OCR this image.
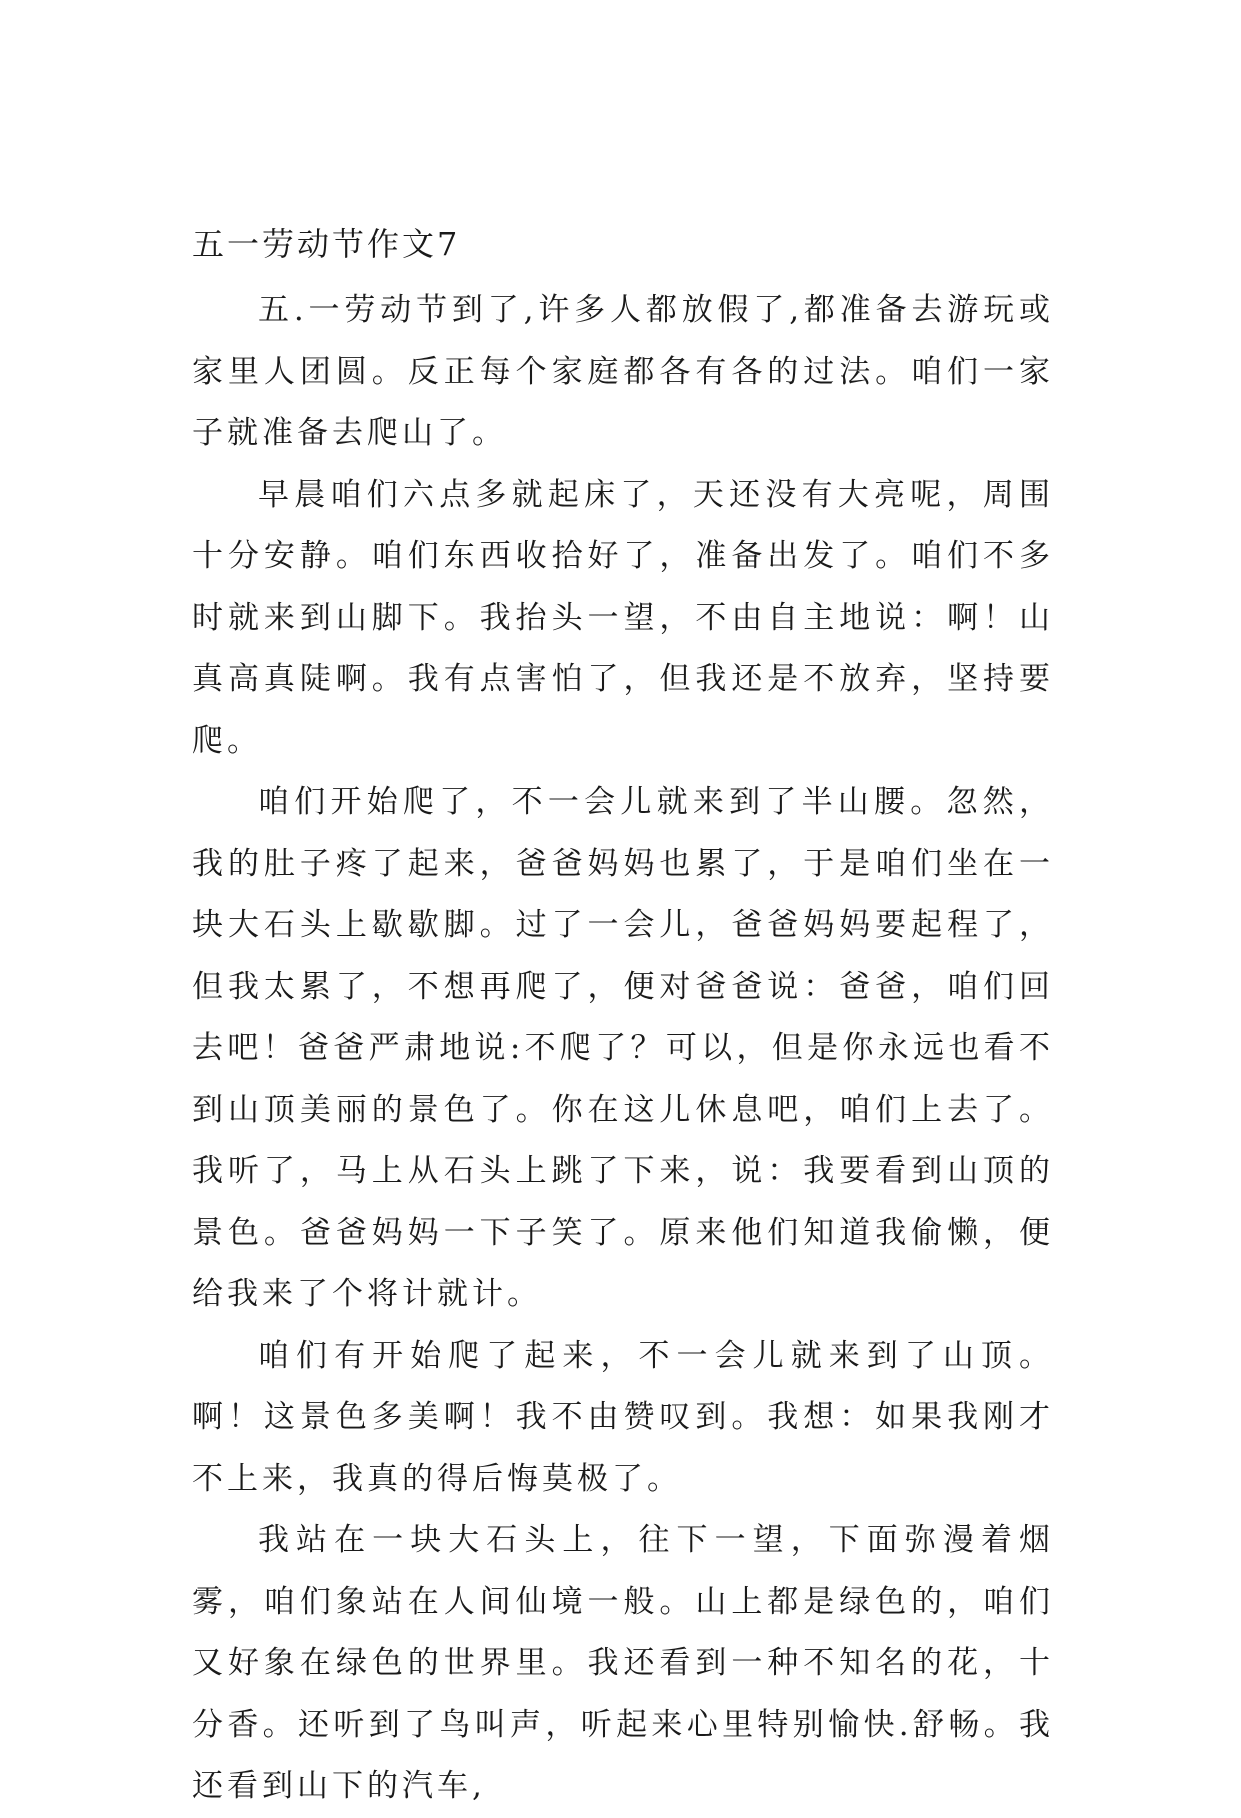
五一劳动节作文7

五.一劳动节到了,许多人都放假了,都准备去游玩或家里人团圆。反正每个家庭都各有各的过法。咱们一家子就准备去爬山了。

早晨咱们六点多就起床了，天还没有大亮呢，周围十分安静。咱们东西收拾好了，准备出发了。咱们不多时就来到山脚下。我抬头一望，不由自主地说：啊！山真高真陡啊。我有点害怕了，但我还是不放弃，坚持要爬。

咱们开始爬了，不一会儿就来到了半山腰。忽然，我的肚子疼了起来，爸爸妈妈也累了，于是咱们坐在一块大石头上歇歇脚。过了一会儿，爸爸妈妈要起程了，但我太累了，不想再爬了，便对爸爸说：爸爸，咱们回去吧！爸爸严肃地说:不爬了？可以，但是你永远也看不到山顶美丽的景色了。你在这儿休息吧，咱们上去了。我听了，马上从石头上跳了下来，说：我要看到山顶的景色。爸爸妈妈一下子笑了。原来他们知道我偷懒，便给我来了个将计就计。

咱们有开始爬了起来，不一会儿就来到了山顶。啊！这景色多美啊！我不由赞叹到。我想：如果我刚才不上来，我真的得后悔莫极了。

我站在一块大石头上，往下一望，下面弥漫着烟雾，咱们象站在人间仙境一般。山上都是绿色的，咱们又好象在绿色的世界里。我还看到一种不知名的花，十分香。还听到了鸟叫声，听起来心里特别愉快.舒畅。我还看到山下的汽车,
